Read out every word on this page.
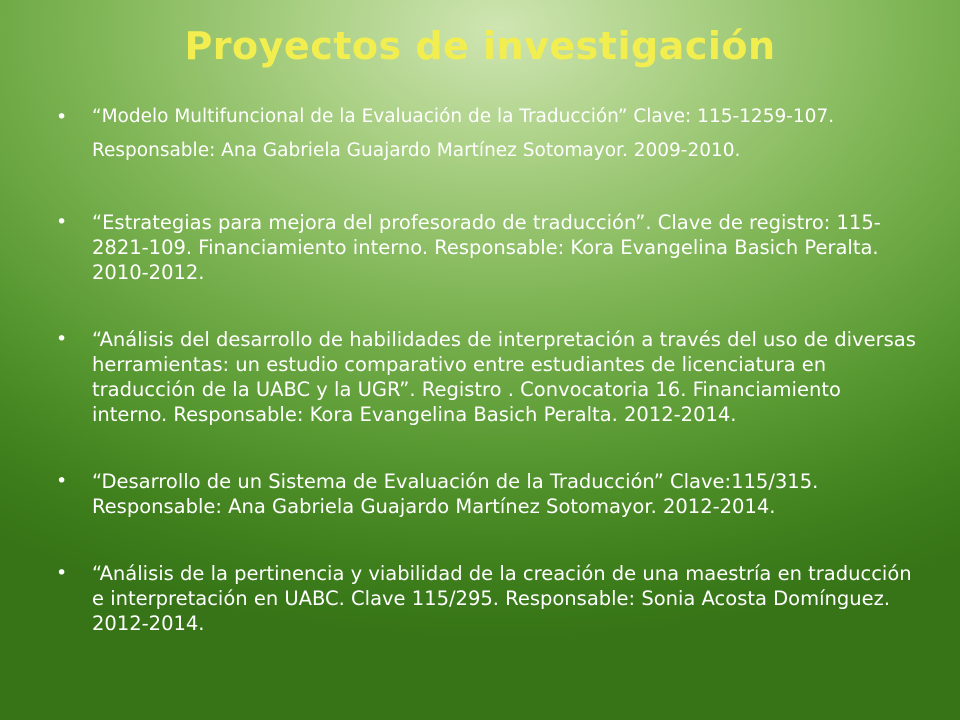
Proyectos de investigación
• “Modelo Multifuncional de la Evaluación de la Traducción” Clave: 115-1259-107. Responsable: Ana Gabriela Guajardo Martínez Sotomayor. 2009-2010.
• “Estrategias para mejora del profesorado de traducción”. Clave de registro: 115-2821-109. Financiamiento interno. Responsable: Kora Evangelina Basich Peralta. 2010-2012.
• “Análisis del desarrollo de habilidades de interpretación a través del uso de diversas herramientas: un estudio comparativo entre estudiantes de licenciatura en traducción de la UABC y la UGR”. Registro . Convocatoria 16. Financiamiento interno. Responsable: Kora Evangelina Basich Peralta. 2012-2014.
• “Desarrollo de un Sistema de Evaluación de la Traducción” Clave:115/315. Responsable: Ana Gabriela Guajardo Martínez Sotomayor. 2012-2014.
• “Análisis de la pertinencia y viabilidad de la creación de una maestría en traducción e interpretación en UABC. Clave 115/295. Responsable: Sonia Acosta Domínguez. 2012-2014.
